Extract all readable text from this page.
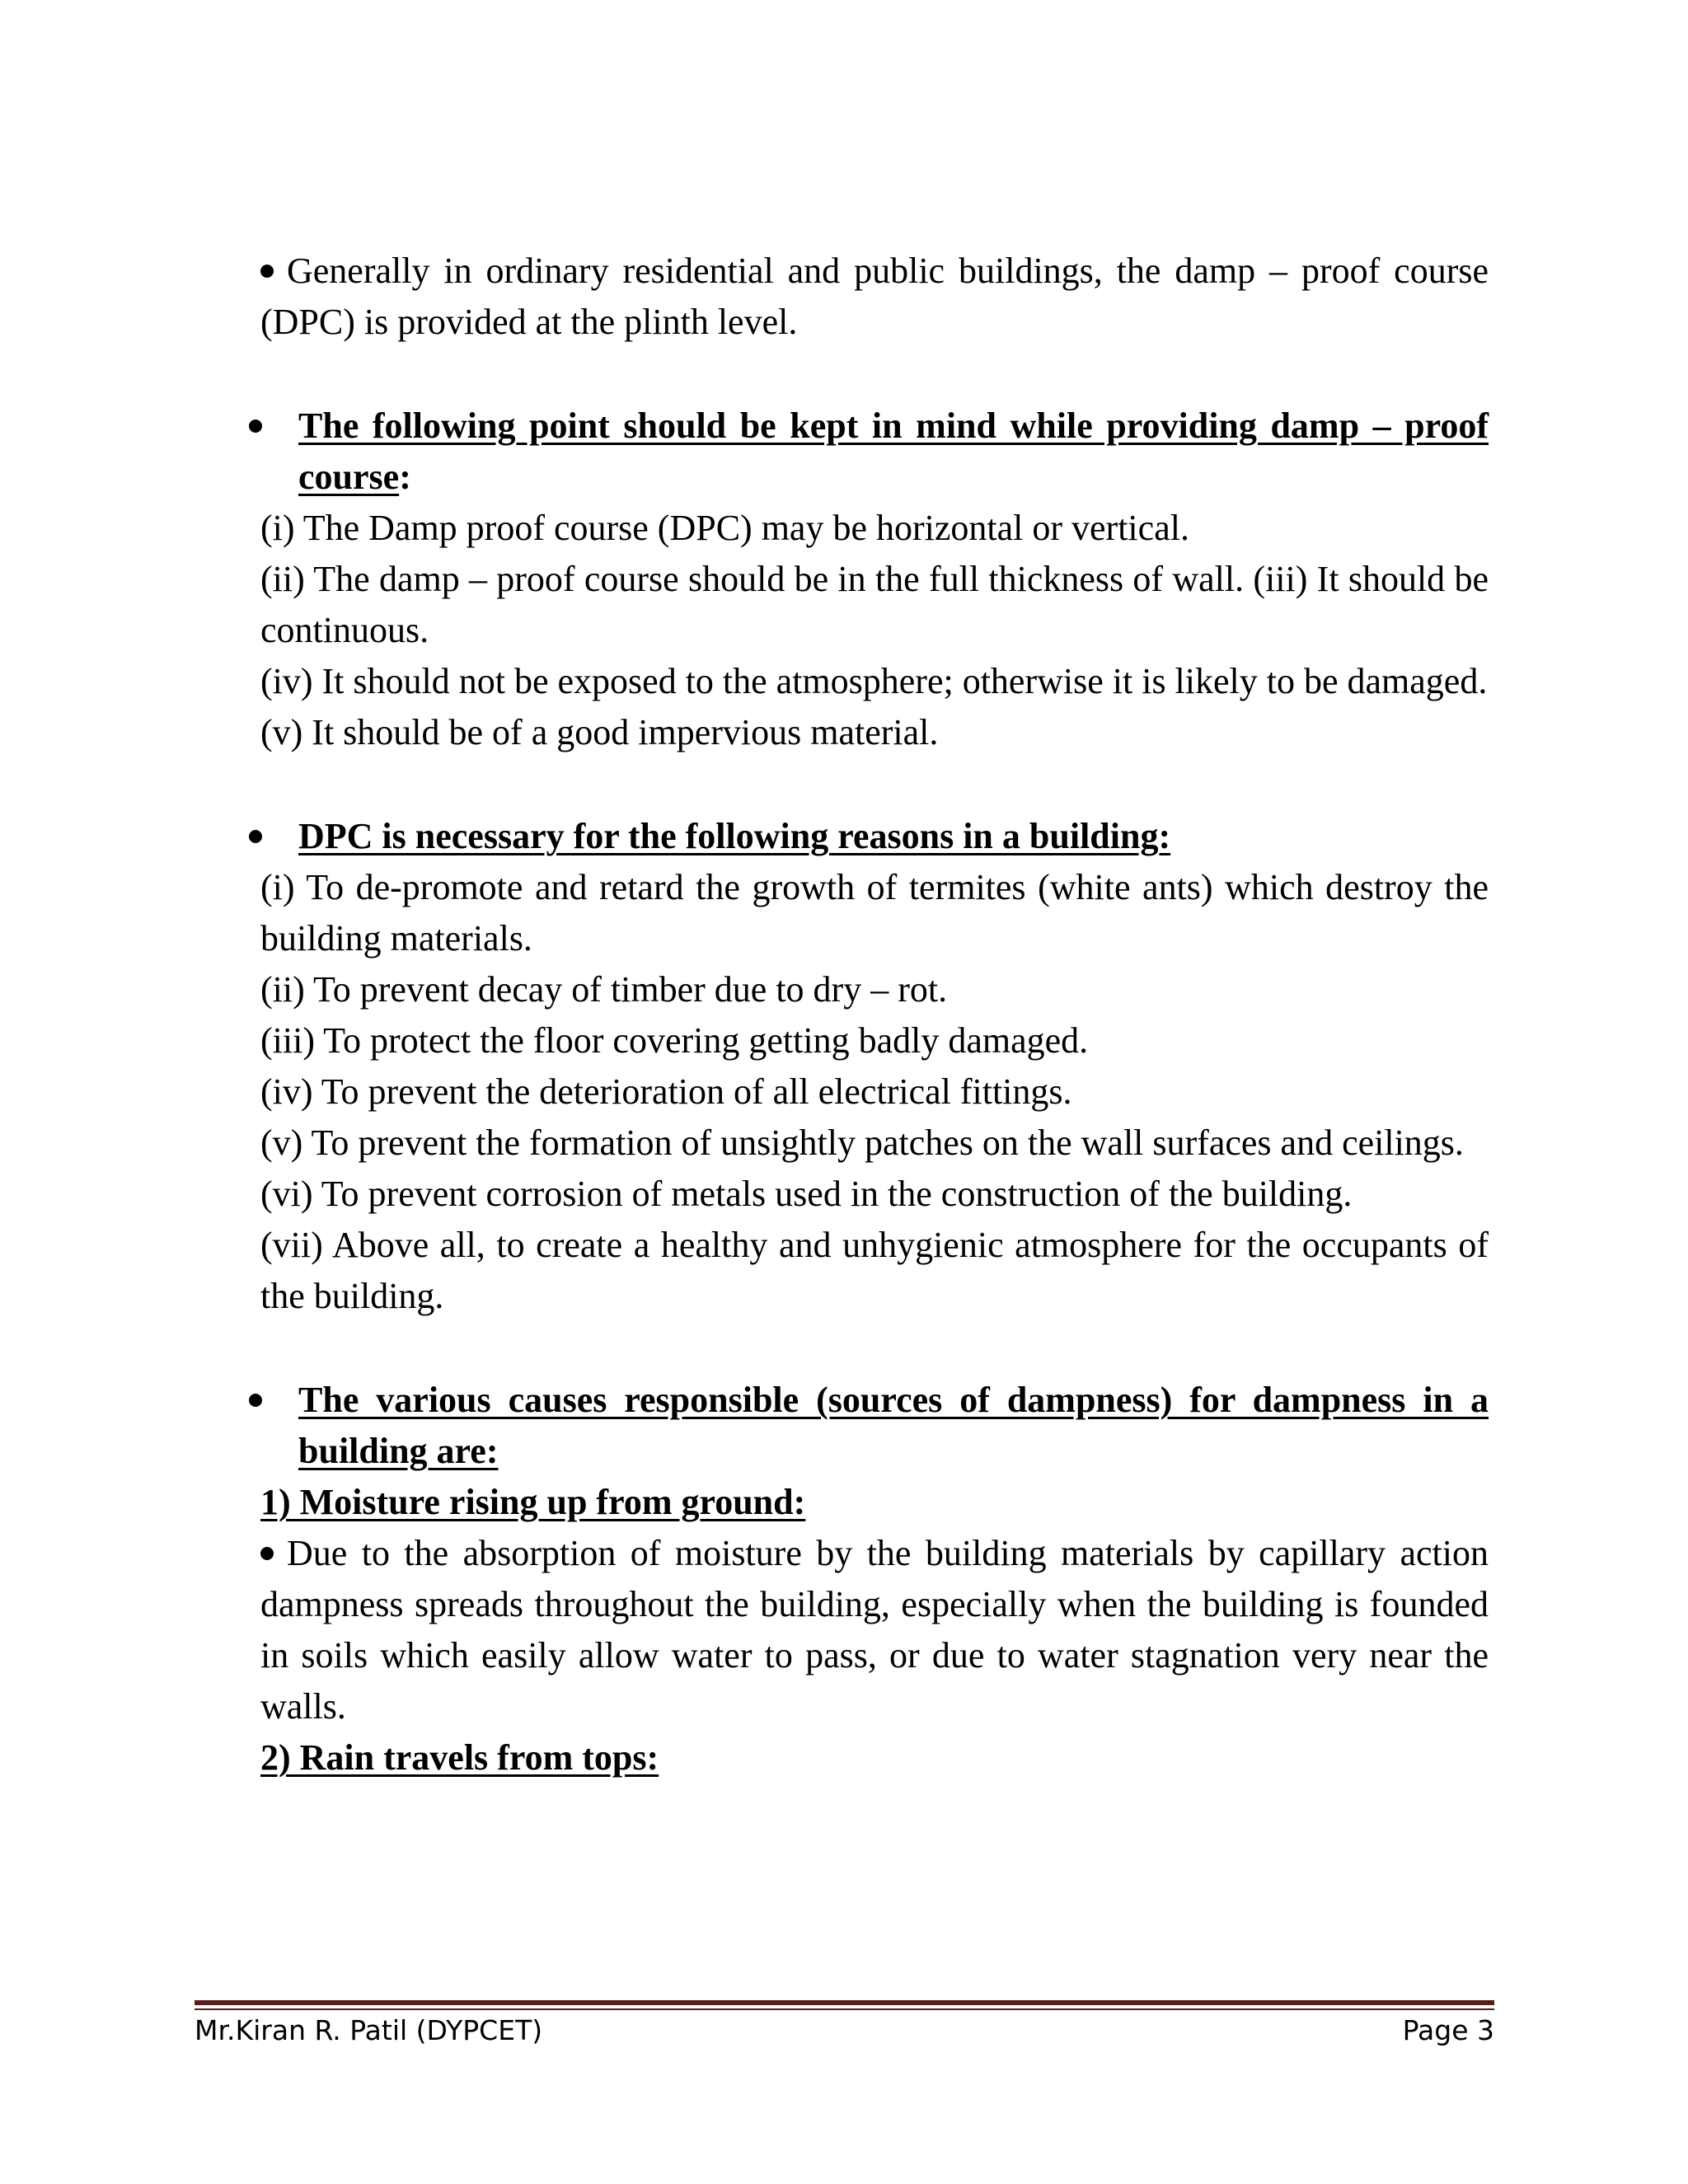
Generally in ordinary residential and public buildings, the damp – proof course (DPC) is provided at the plinth level.

The following point should be kept in mind while providing damp – proof course:

(i) The Damp proof course (DPC) may be horizontal or vertical.

(ii) The damp – proof course should be in the full thickness of wall. (iii) It should be continuous.

(iv) It should not be exposed to the atmosphere; otherwise it is likely to be damaged.

(v) It should be of a good impervious material.

DPC is necessary for the following reasons in a building:

(i) To de-promote and retard the growth of termites (white ants) which destroy the building materials.

(ii) To prevent decay of timber due to dry – rot.

(iii) To protect the floor covering getting badly damaged.

(iv) To prevent the deterioration of all electrical fittings.

(v) To prevent the formation of unsightly patches on the wall surfaces and ceilings.

(vi) To prevent corrosion of metals used in the construction of the building.

(vii) Above all, to create a healthy and unhygienic atmosphere for the occupants of the building.

The various causes responsible (sources of dampness) for dampness in a building are:

1) Moisture rising up from ground:

Due to the absorption of moisture by the building materials by capillary action dampness spreads throughout the building, especially when the building is founded in soils which easily allow water to pass, or due to water stagnation very near the walls.

2) Rain travels from tops:

Mr.Kiran R. Patil (DYPCET)	Page 3
